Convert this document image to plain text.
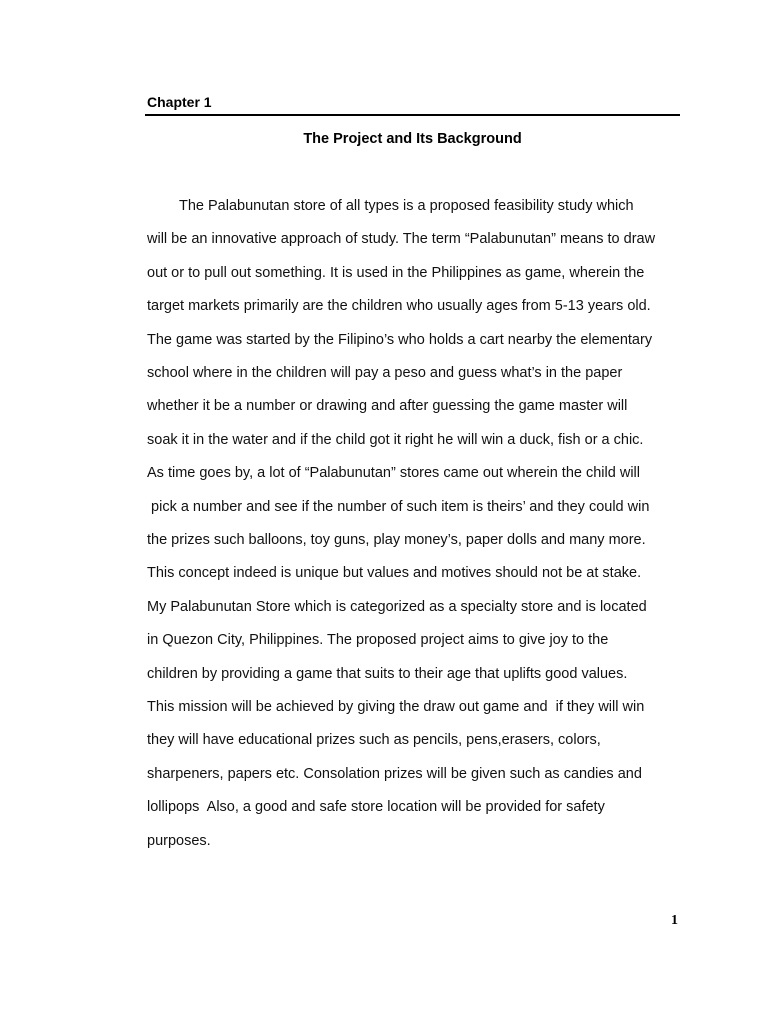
Chapter 1
The Project and Its Background
The Palabunutan store of all types is a proposed feasibility study which
will be an innovative approach of study. The term “Palabunutan” means to draw
out or to pull out something. It is used in the Philippines as game, wherein the
target markets primarily are the children who usually ages from 5-13 years old.
The game was started by the Filipino’s who holds a cart nearby the elementary
school where in the children will pay a peso and guess what’s in the paper
whether it be a number or drawing and after guessing the game master will
soak it in the water and if the child got it right he will win a duck, fish or a chic.
As time goes by, a lot of “Palabunutan” stores came out wherein the child will
pick a number and see if the number of such item is theirs’ and they could win
the prizes such balloons, toy guns, play money’s, paper dolls and many more.
This concept indeed is unique but values and motives should not be at stake.
My Palabunutan Store which is categorized as a specialty store and is located
in Quezon City, Philippines. The proposed project aims to give joy to the
children by providing a game that suits to their age that uplifts good values.
This mission will be achieved by giving the draw out game and  if they will win
they will have educational prizes such as pencils, pens,erasers, colors,
sharpeners, papers etc. Consolation prizes will be given such as candies and
lollipops  Also, a good and safe store location will be provided for safety
purposes.
1
